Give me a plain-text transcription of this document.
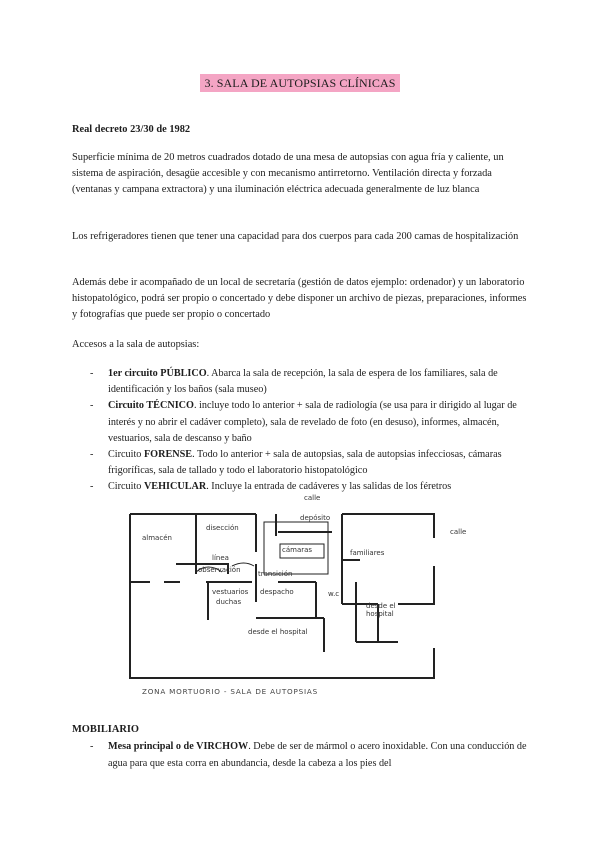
3. SALA DE AUTOPSIAS CLÍNICAS
Real decreto 23/30 de 1982
Superficie mínima de 20 metros cuadrados dotado de una mesa de autopsias con agua fría y caliente, un sistema de aspiración, desagüe accesible y con mecanismo antirretorno. Ventilación directa y forzada (ventanas y campana extractora) y una iluminación eléctrica adecuada generalmente de luz blanca
Los refrigeradores tienen que tener una capacidad para dos cuerpos para cada 200 camas de hospitalización
Además debe ir acompañado de un local de secretaría (gestión de datos ejemplo: ordenador) y un laboratorio histopatológico, podrá ser propio o concertado y debe disponer un archivo de piezas, preparaciones, informes y fotografías que puede ser propio o concertado
Accesos a la sala de autopsias:
- 1er circuito PÚBLICO. Abarca la sala de recepción, la sala de espera de los familiares, sala de identificación y los baños (sala museo)
- Circuito TÉCNICO. incluye todo lo anterior + sala de radiología (se usa para ir dirigido al lugar de interés y no abrir el cadáver completo), sala de revelado de foto (en desuso), informes, almacén, vestuarios, sala de descanso y baño
- Circuito FORENSE. Todo lo anterior + sala de autopsias, sala de autopsias infecciosas, cámaras frigoríficas, sala de tallado y todo el laboratorio histopatológico
- Circuito VEHICULAR. Incluye la entrada de cadáveres y las salidas de los féretros
calle
calle
almacén
disección
depósito
cámaras	familiares
línea
observación transición
vestuarios
duchas
despacho	w.c
desde el
hospital
desde el hospital
ZONA MORTUORIO - SALA DE AUTOPSIAS
MOBILIARIO
- Mesa principal o de VIRCHOW. Debe de ser de mármol o acero inoxidable. Con una conducción de agua para que esta corra en abundancia, desde la cabeza a los pies del
